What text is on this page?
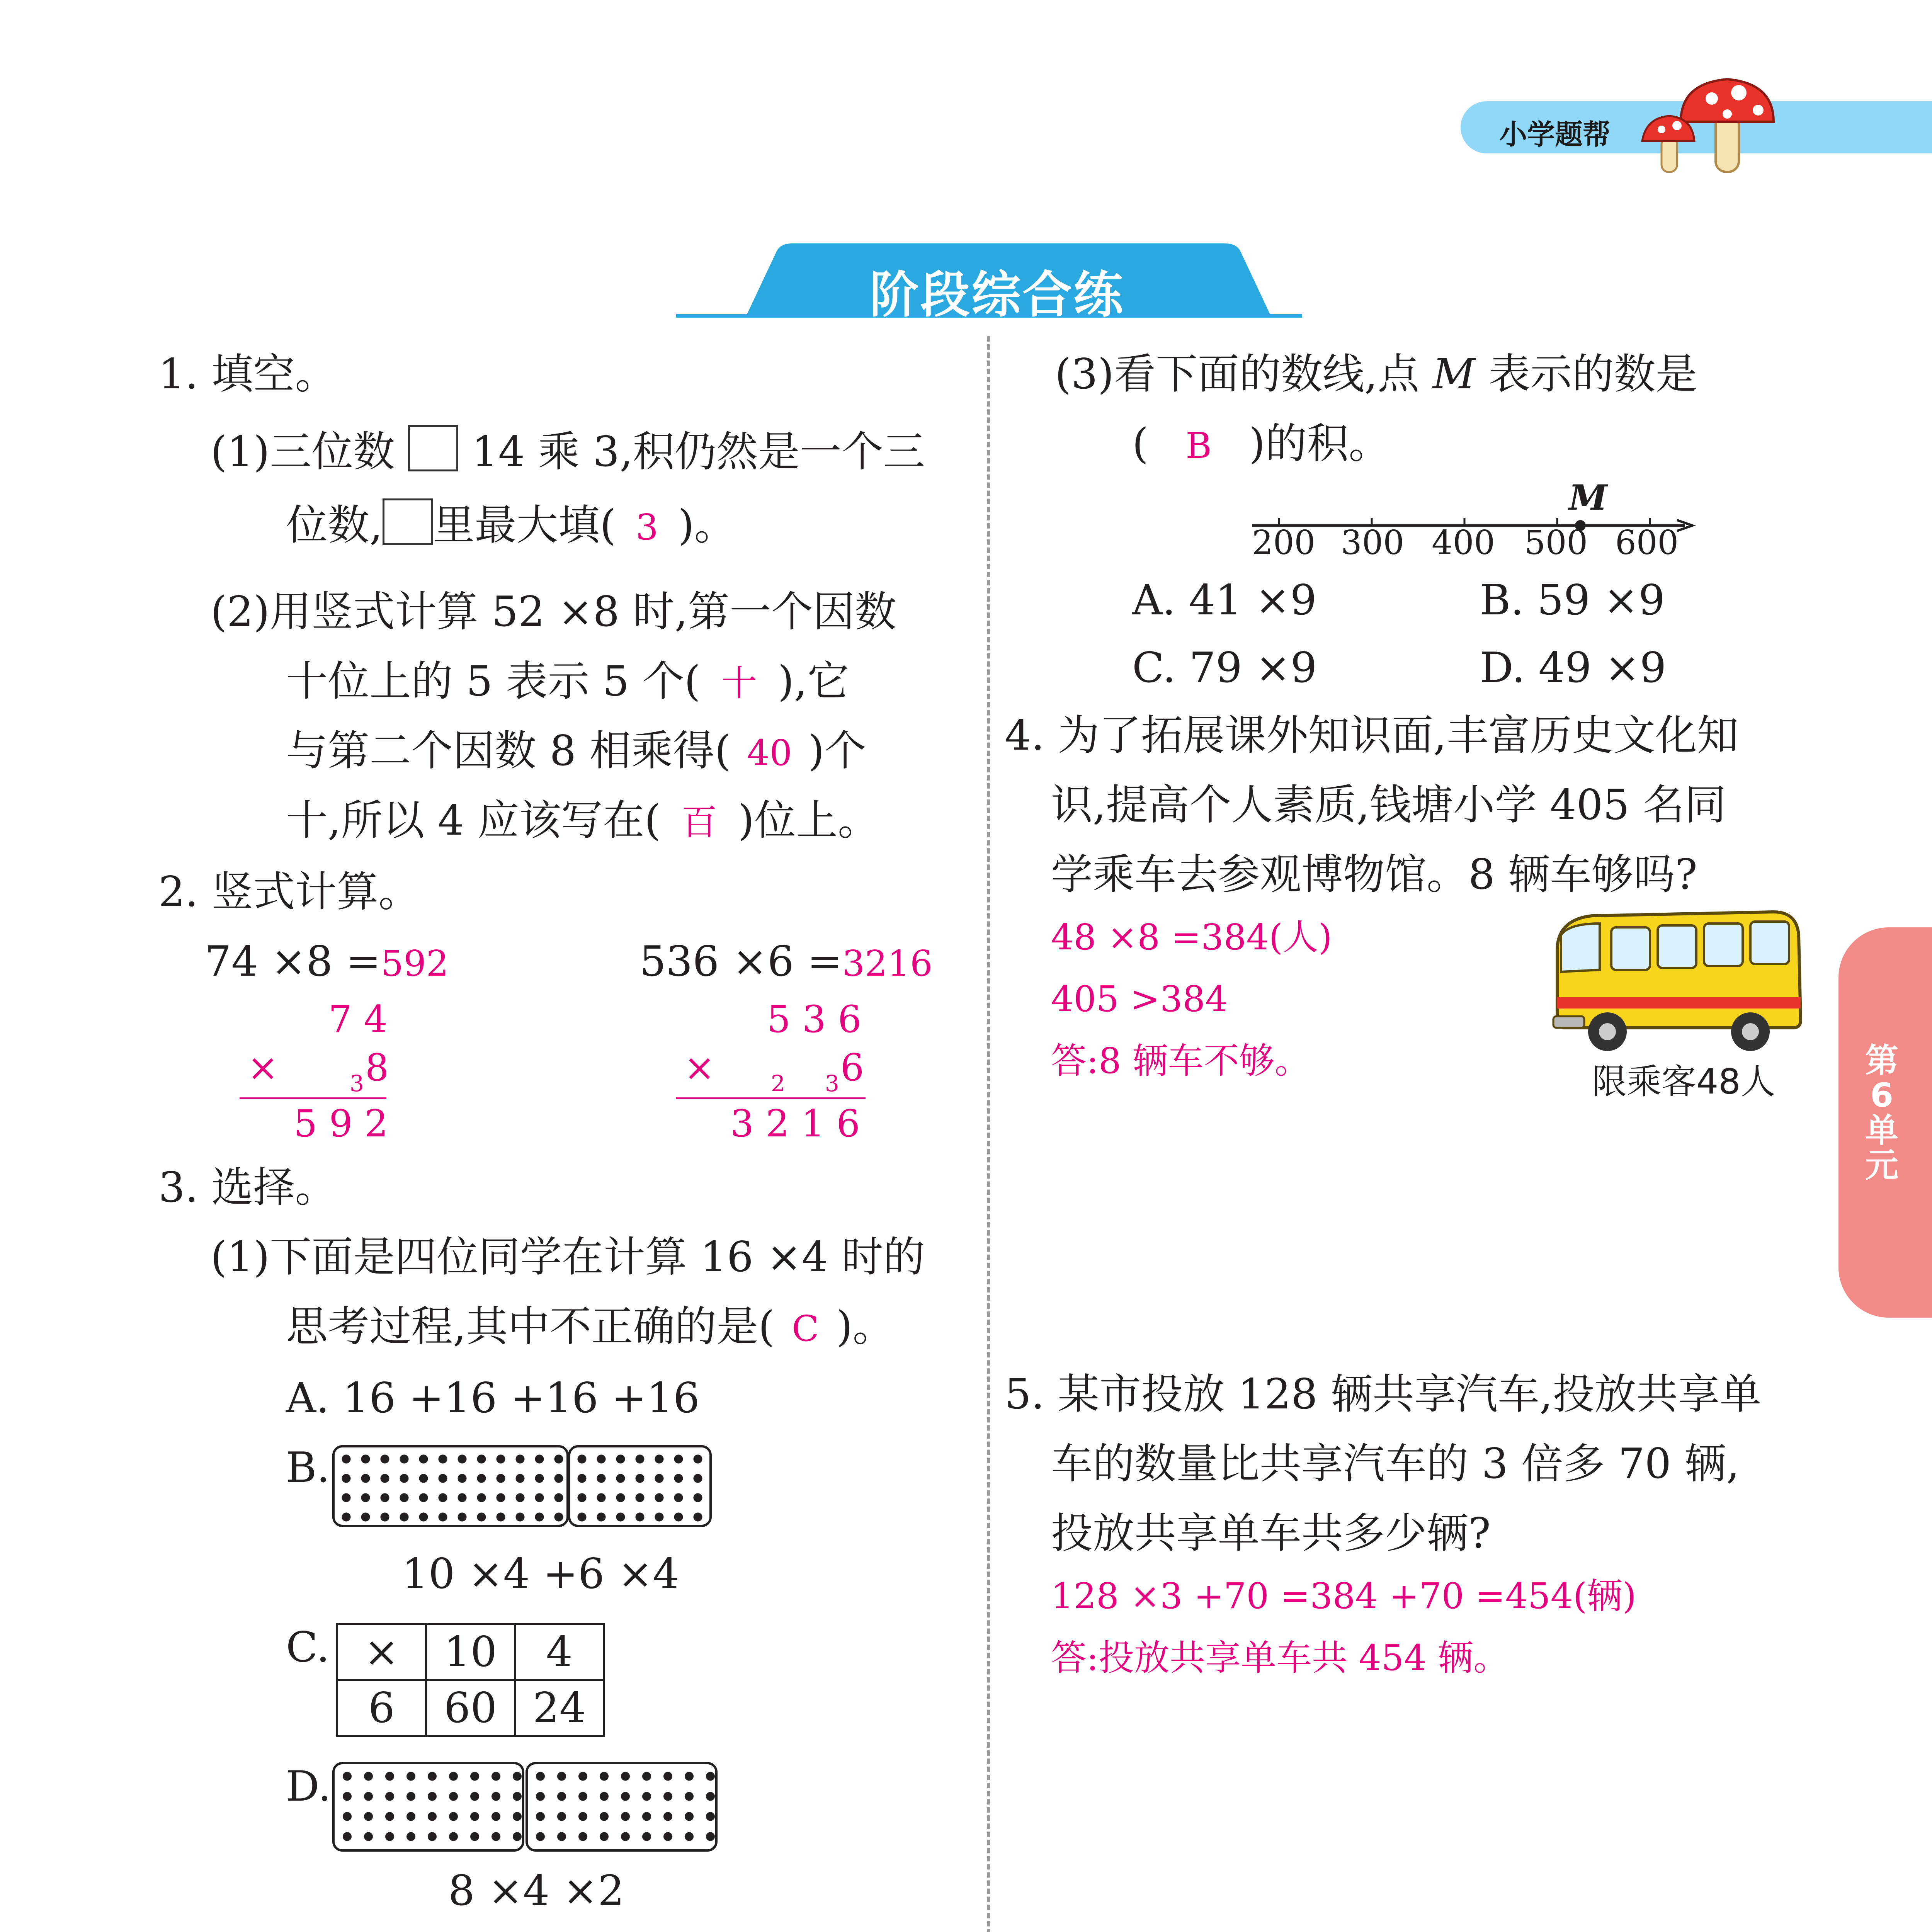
小学题帮
阶段综合练
第
6
单
元
1. 填空。
(1)三位数 14 乘 3,积仍然是一个三
位数, 里最大填( 3 )。
(2)用竖式计算 52 ×8 时,第一个因数
十位上的 5 表示 5 个( 十 ),它
与第二个因数 8 相乘得( 40 )个
十,所以 4 应该写在( 百 )位上。
2. 竖式计算。
74 ×8 =592
7 4
×	3 8
5 9 2
536 ×6 =3216
5 3 6
× 2 3 6
3 2 1 6
3. 选择。
(1)下面是四位同学在计算 16 ×4 时的
思考过程,其中不正确的是( C )。
A. 16 +16 +16 +16
B.
10 ×4 +6 ×4
C. ×	10	4
6	60	24
D.
8 ×4 ×2
(3)看下面的数线,点 M 表示的数是
( B )的积。
M
200 300 400 500 600
A. 41 ×9	B. 59 ×9
C. 79 ×9	D. 49 ×9
4. 为了拓展课外知识面,丰富历史文化知
识,提高个人素质,钱塘小学 405 名同
学乘车去参观博物馆。8 辆车够吗?
48 ×8 =384(人)
405 >384
答:8 辆车不够。
限乘客48人
5. 某市投放 128 辆共享汽车,投放共享单
车的数量比共享汽车的 3 倍多 70 辆,
投放共享单车共多少辆?
128 ×3 +70 =384 +70 =454(辆)
答:投放共享单车共 454 辆。
